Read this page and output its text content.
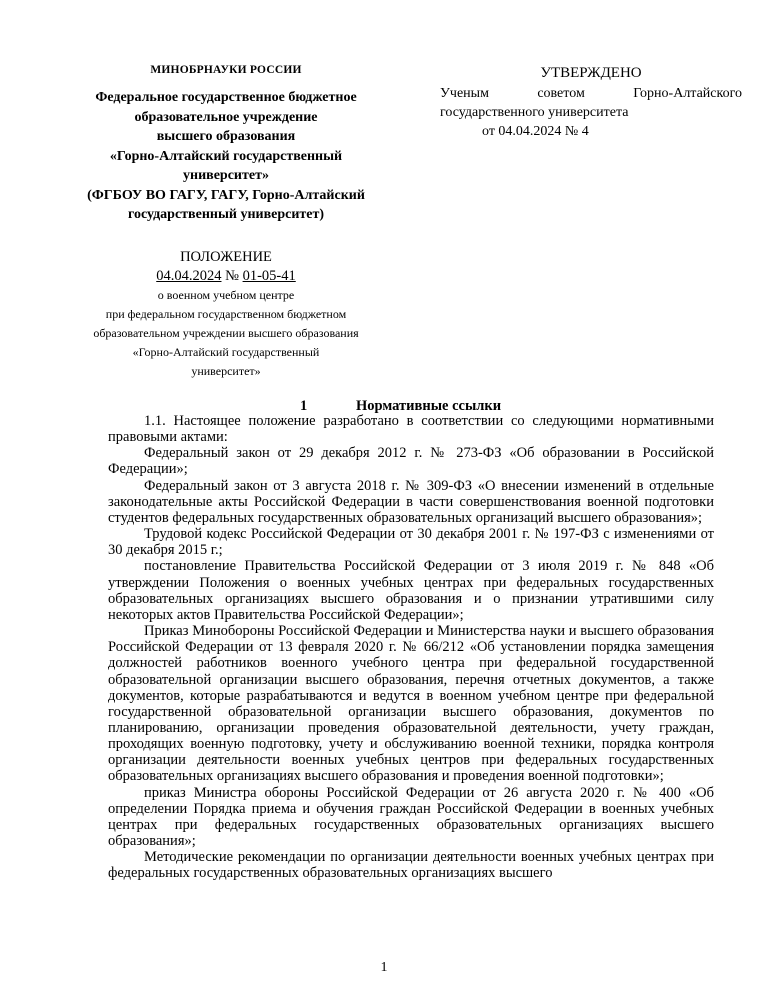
МИНОБРНАУКИ РОССИИ
Федеральное государственное бюджетное
образовательное учреждение
высшего образования
«Горно-Алтайский государственный
университет»
(ФГБОУ ВО ГАГУ, ГАГУ, Горно-Алтайский
государственный университет)
ПОЛОЖЕНИЕ
04.04.2024 № 01-05-41
о военном учебном центре
при федеральном государственном бюджетном
образовательном учреждении высшего образования
«Горно-Алтайский государственный
университет»
УТВЕРЖДЕНО
Ученым советом Горно-Алтайского
государственного университета
от 04.04.2024 № 4
1	Нормативные ссылки

1.1. Настоящее положение разработано в соответствии со следующими нормативными правовыми актами:

Федеральный закон от 29 декабря 2012 г. № 273-ФЗ «Об образовании в Российской Федерации»;

Федеральный закон от 3 августа 2018 г. № 309-ФЗ «О внесении изменений в отдельные законодательные акты Российской Федерации в части совершенствования военной подготовки студентов федеральных государственных образовательных организаций высшего образования»;

Трудовой кодекс Российской Федерации от 30 декабря 2001 г. № 197-ФЗ с изменениями от 30 декабря 2015 г.;

постановление Правительства Российской Федерации от 3 июля 2019 г. № 848 «Об утверждении Положения о военных учебных центрах при федеральных государственных образовательных организациях высшего образования и о признании утратившими силу некоторых актов Правительства Российской Федерации»;

Приказ Минобороны Российской Федерации и Министерства науки и высшего образования Российской Федерации от 13 февраля 2020 г. № 66/212 «Об установлении порядка замещения должностей работников военного учебного центра при федеральной государственной образовательной организации высшего образования, перечня отчетных документов, а также документов, которые разрабатываются и ведутся в военном учебном центре при федеральной государственной образовательной организации высшего образования, документов по планированию, организации проведения образовательной деятельности, учету граждан, проходящих военную подготовку, учету и обслуживанию военной техники, порядка контроля организации деятельности военных учебных центров при федеральных государственных образовательных организациях высшего образования и проведения военной подготовки»;

приказ Министра обороны Российской Федерации от 26 августа 2020 г. № 400 «Об определении Порядка приема и обучения граждан Российской Федерации в военных учебных центрах при федеральных государственных образовательных организациях высшего образования»;

Методические рекомендации по организации деятельности военных учебных центрах при федеральных государственных образовательных организациях высшего

1
